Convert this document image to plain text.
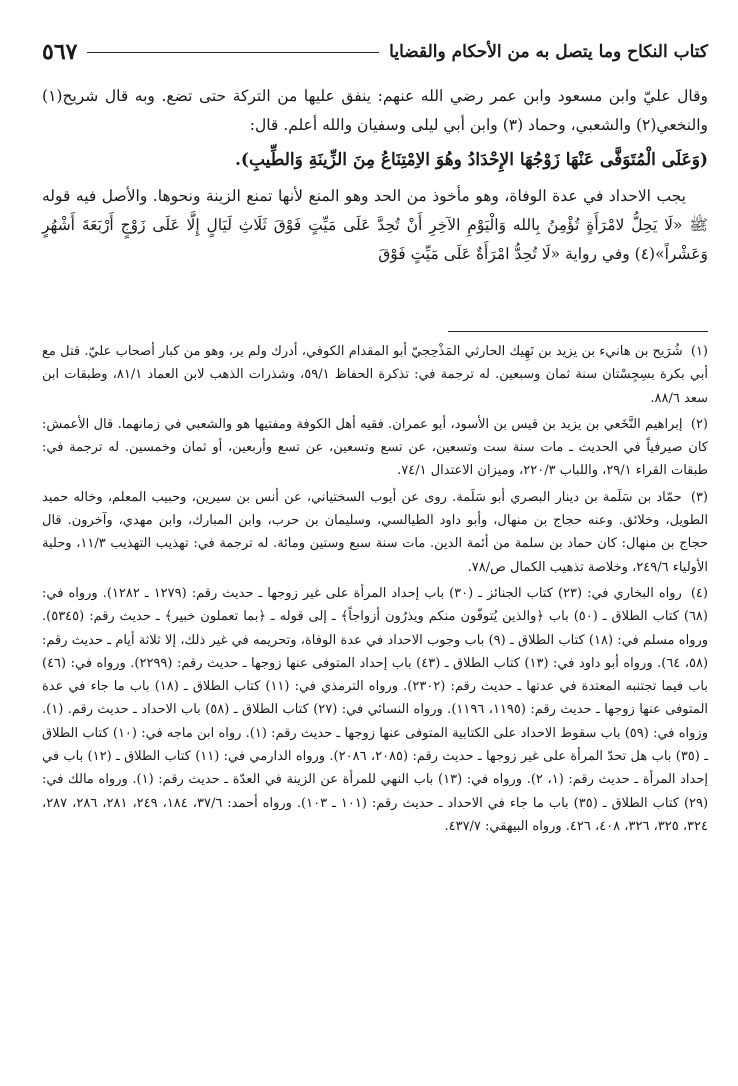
٥٦٧	كتاب النكاح وما يتصل به من الأحكام والقضايا

وقال عليّ وابن مسعود وابن عمر رضي الله عنهم: ينفق عليها من التركة حتى تضع. وبه قال شريح(١) والنخعي(٢) والشعبي، وحماد (٣) وابن أبي ليلى وسفيان والله أعلم. قال:

(وَعَلَى الْمُتَوَفَّى عَنْهَا زَوْجُهَا الإِحْدَادُ وهُوَ الاِمْتِنَاعُ مِنَ الزِّينَةِ وَالطِّيبِ).

يجب الاحداد في عدة الوفاة، وهو مأخوذ من الحد وهو المنع لأنها تمنع الزينة ونحوها. والأصل فيه قوله ﷺ «لَا يَحِلُّ لامْرَأَةٍ تُؤْمِنُ بِالله وَالْيَوْمِ الآخِرِ أَنْ تُحِدَّ عَلَى مَيِّتٍ فَوْقَ ثَلَاثِ لَيَالٍ إِلَّا عَلَى زَوْجٍ أَرْبَعَةَ أَشْهُرٍ وَعَشْراً»(٤) وفي رواية «لَا تُحِدُّ امْرَأَةٌ عَلَى مَيِّتٍ فَوْقَ

(١) شُرَيح بن هانيء بن يزيد بن نَهِيك الحارثي المَذْحِجيّ أبو المقدام الكوفي، أدرك ولم ير، وهو من كبار أصحاب عليّ. قتل مع أبي بكرة بسِجِسْتان سنة ثمان وسبعين. له ترجمة في: تذكرة الحفاظ ٥٩/١، وشذرات الذهب لابن العماد ٨١/١، وطبقات ابن سعد ٨٨/٦.

(٢) إبراهيم النَّخَعي بن يزيد بن قيس بن الأسود، أبو عمران. فقيه أهل الكوفة ومفتيها هو والشعبي في زمانهما. قال الأعمش: كان صيرفياً في الحديث ـ مات سنة ست وتسعين، عن تسع وتسعين، عن تسع وأربعين، أو ثمان وخمسين. له ترجمة في: طبقات القراء ٢٩/١، واللباب ٢٢٠/٣، وميزان الاعتدال ٧٤/١.

(٣) حمّاد بن سَلَمة بن دينار البصري أبو سَلَمة. روى عن أيوب السختياني، عن أنس بن سيرين، وحبيب المعلم، وخاله حميد الطويل، وخلائق. وعنه حجاج بن منهال، وأبو داود الطيالسي، وسليمان بن حرب، وابن المبارك، وابن مهدي، وآخرون. قال حجاج بن منهال: كان حماد بن سلمة من أئمة الدين. مات سنة سبع وستين ومائة. له ترجمة في: تهذيب التهذيب ١١/٣، وحلية الأولياء ٢٤٩/٦، وخلاصة تذهيب الكمال ص/٧٨.

(٤) رواه البخاري في: (٢٣) كتاب الجنائز ـ (٣٠) باب إحداد المرأة على غير زوجها ـ حديث رقم: (١٢٧٩ ـ ١٢٨٢). ورواه في: (٦٨) كتاب الطلاق ـ (٥٠) باب ﴿والذين يُتوفّون منكم ويذرُون أزواجاً﴾ ـ إلى قوله ـ ﴿بما تعملون خبير﴾ ـ حديث رقم: (٥٣٤٥). ورواه مسلم في: (١٨) كتاب الطلاق ـ (٩) باب وجوب الاحداد في عدة الوفاة، وتحريمه في غير ذلك، إلا ثلاثة أيام ـ حديث رقم: (٥٨، ٦٤). ورواه أبو داود في: (١٣) كتاب الطلاق ـ (٤٣) باب إحداد المتوفى عنها زوجها ـ حديث رقم: (٢٢٩٩). ورواه في: (٤٦) باب فيما تجتنبه المعتدة في عدتها ـ حديث رقم: (٢٣٠٢). ورواه الترمذي في: (١١) كتاب الطلاق ـ (١٨) باب ما جاء في عدة المتوفى عنها زوجها ـ حديث رقم: (١١٩٥، ١١٩٦). ورواه النسائي في: (٢٧) كتاب الطلاق ـ (٥٨) باب الاحداد ـ حديث رقم. (١). وزواه في: (٥٩) باب سقوط الاحداد على الكتابية المتوفى عنها زوجها ـ حديث رقم: (١). رواه ابن ماجه في: (١٠) كتاب الطلاق ـ (٣٥) باب هل تحدّ المرأة على غير زوجها ـ حديث رقم: (٢٠٨٥، ٢٠٨٦). ورواه الدارمي في: (١١) كتاب الطلاق ـ (١٢) باب في إحداد المرأة ـ حديث رقم: (١، ٢). ورواه في: (١٣) باب النهي للمرأة عن الزينة في العدّة ـ حديث رقم: (١). ورواه مالك في: (٢٩) كتاب الطلاق ـ (٣٥) باب ما جاء في الاحداد ـ حديث رقم: (١٠١ ـ ١٠٣). ورواه أحمد: ٣٧/٦، ١٨٤، ٢٤٩، ٢٨١، ٢٨٦، ٢٨٧، ٣٢٤، ٣٢٥، ٣٢٦، ٤٠٨، ٤٢٦. ورواه البيهقي: ٤٣٧/٧.
